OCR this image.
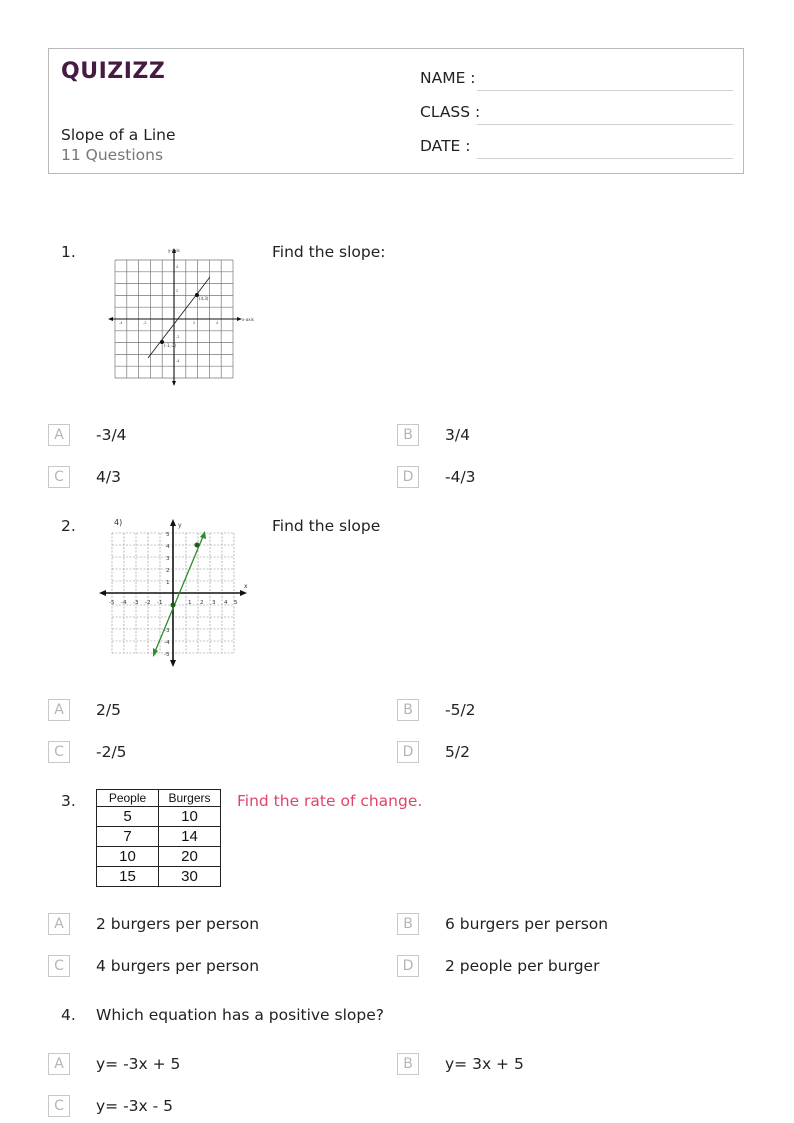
QUIZIZZ
Slope of a Line
11 Questions
NAME :
CLASS :
DATE :
1.	y-axis
x-axis
(4,3)
(-1,-2)
4
2
-2
-4
-4	-2	2	4
Find the slope:
A	-3/4	B	3/4
C	4/3	D	-4/3
2.	4)	y
x
-5 -4 -3 -2 -1	1 2 3 4 5
5
4
3
2
1
-3
-4
-5
Find the slope
A	2/5	B	-5/2
C	-2/5	D	5/2
3.	People	Burgers
5	10
7	14
10	20
15	30
Find the rate of change.
A	2 burgers per person	B	6 burgers per person
C	4 burgers per person	D	2 people per burger
4. Which equation has a positive slope?
A	y= -3x + 5	B	y= 3x + 5
C	y= -3x - 5
